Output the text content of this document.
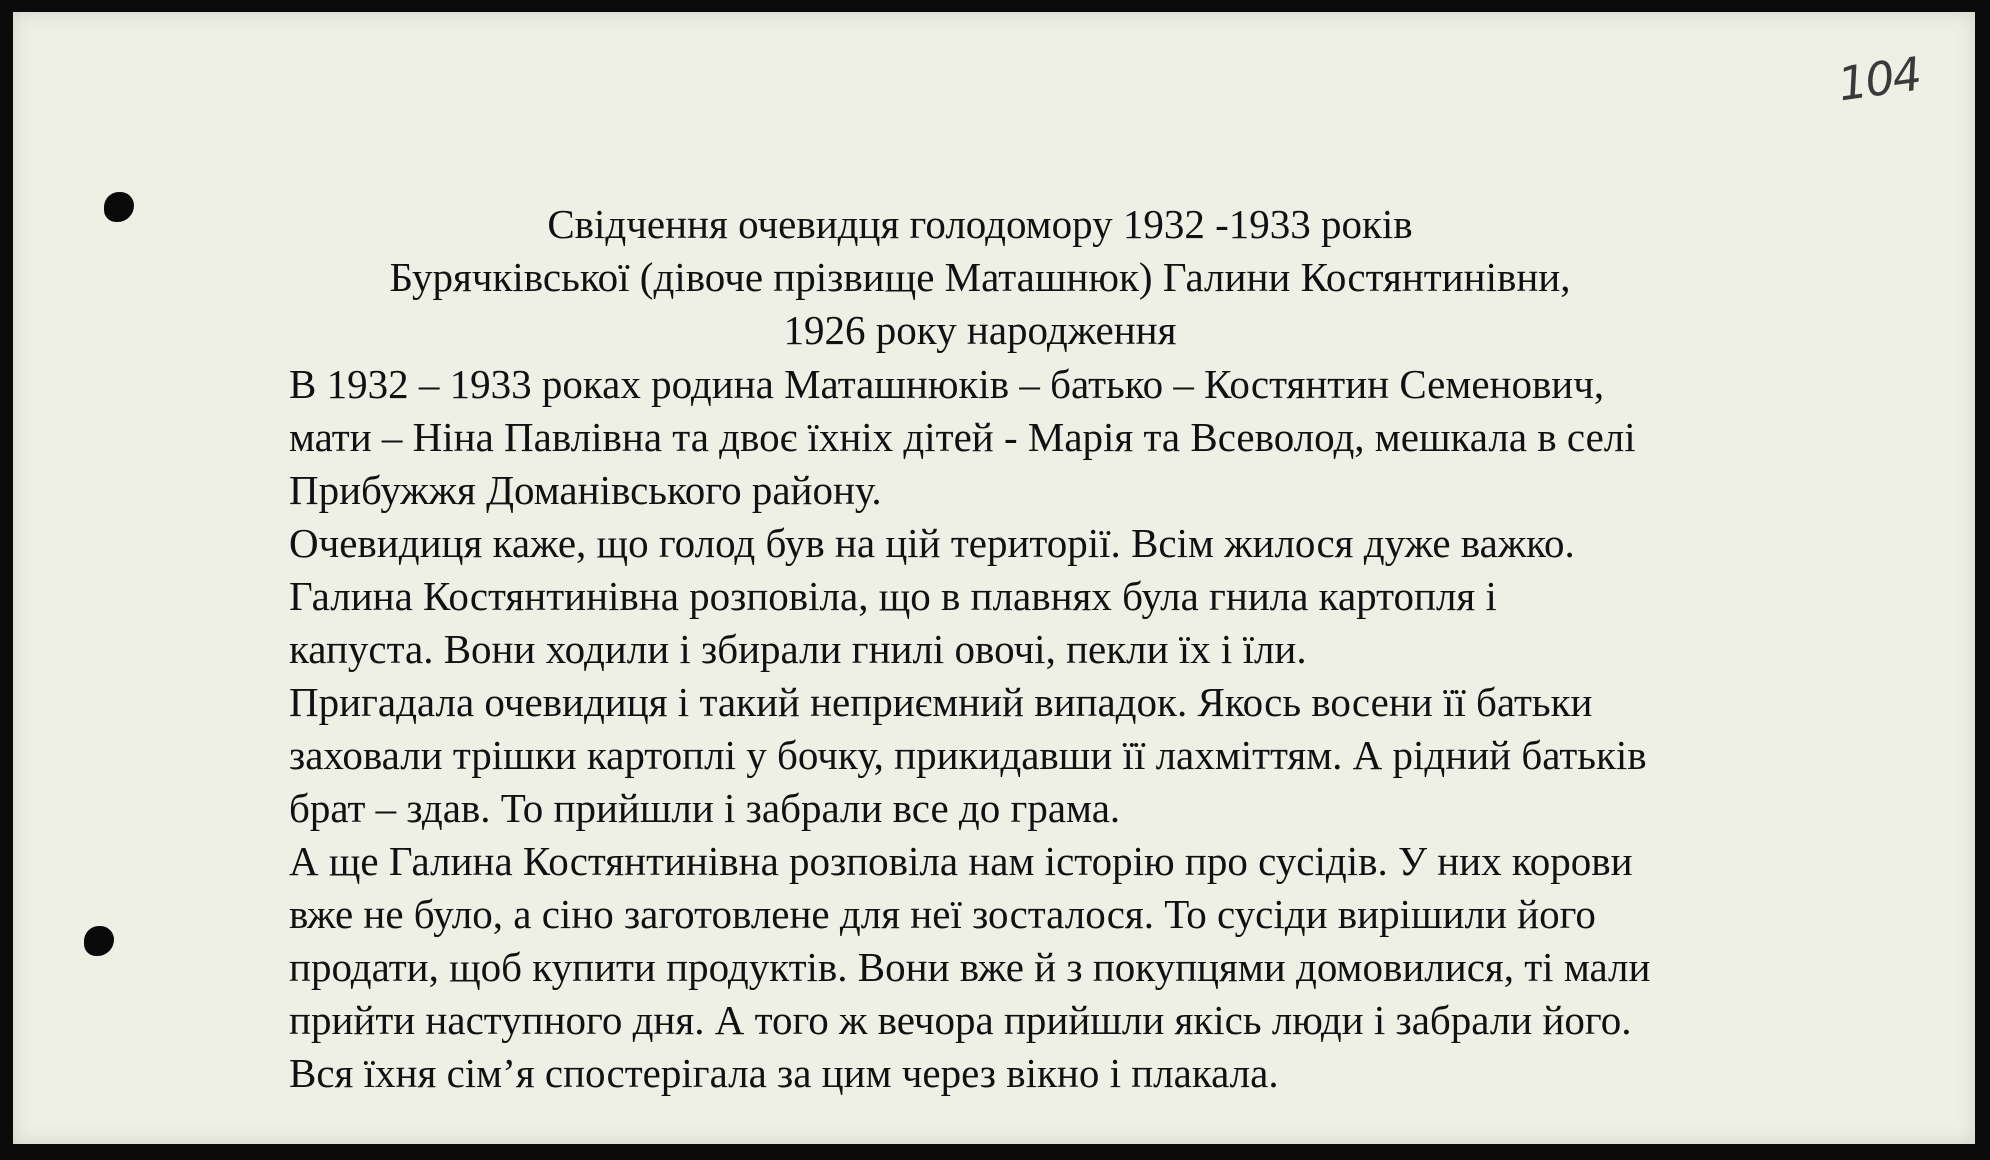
104
Свідчення очевидця голодомору 1932 -1933 років
Бурячківської (дівоче прізвище Маташнюк) Галини Костянтинівни,
1926 року народження
В 1932 – 1933 роках родина Маташнюків – батько – Костянтин Семенович,
мати – Ніна Павлівна та двоє їхніх дітей - Марія та Всеволод, мешкала в селі
Прибужжя Доманівського району.
Очевидиця каже, що голод був на цій території. Всім жилося дуже важко.
Галина Костянтинівна розповіла, що в плавнях була гнила картопля і
капуста. Вони ходили і збирали гнилі овочі, пекли їх і їли.
Пригадала очевидиця і такий неприємний випадок. Якось восени її батьки
заховали трішки картоплі у бочку, прикидавши її лахміттям. А рідний батьків
брат – здав. То прийшли і забрали все до грама.
А ще Галина Костянтинівна розповіла нам історію про сусідів. У них корови
вже не було, а сіно заготовлене для неї зосталося. То сусіди вирішили його
продати, щоб купити продуктів. Вони вже й з покупцями домовилися, ті мали
прийти наступного дня. А того ж вечора прийшли якісь люди і забрали його.
Вся їхня сім’я спостерігала за цим через вікно і плакала.
